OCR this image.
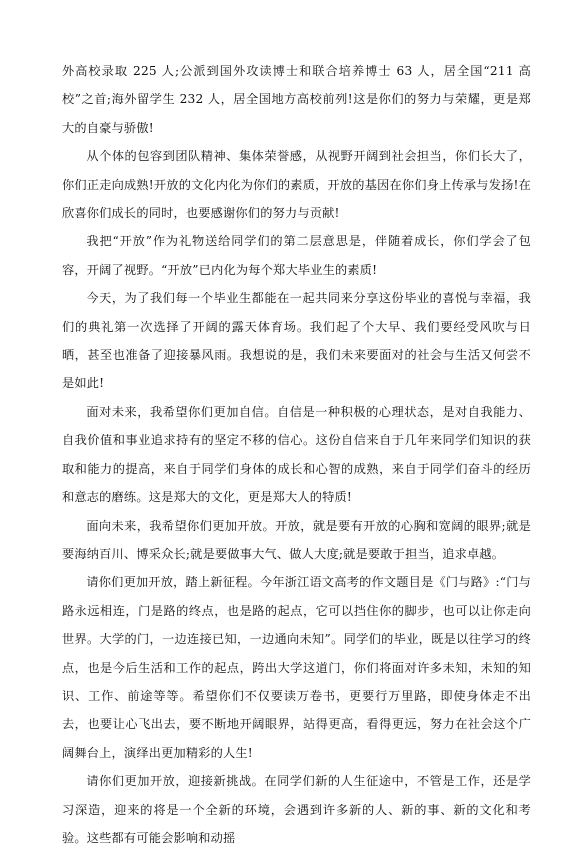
外高校录取 225 人;公派到国外攻读博士和联合培养博士 63 人，居全国“211 高校”之首;海外留学生 232 人，居全国地方高校前列!这是你们的努力与荣耀，更是郑大的自豪与骄傲!

从个体的包容到团队精神、集体荣誉感，从视野开阔到社会担当，你们长大了，你们正走向成熟!开放的文化内化为你们的素质，开放的基因在你们身上传承与发扬!在欣喜你们成长的同时，也要感谢你们的努力与贡献!

我把“开放”作为礼物送给同学们的第二层意思是，伴随着成长，你们学会了包容，开阔了视野。“开放”已内化为每个郑大毕业生的素质!

今天，为了我们每一个毕业生都能在一起共同来分享这份毕业的喜悦与幸福，我们的典礼第一次选择了开阔的露天体育场。我们起了个大早、我们要经受风吹与日晒，甚至也准备了迎接暴风雨。我想说的是，我们未来要面对的社会与生活又何尝不是如此!

面对未来，我希望你们更加自信。自信是一种积极的心理状态，是对自我能力、自我价值和事业追求持有的坚定不移的信心。这份自信来自于几年来同学们知识的获取和能力的提高，来自于同学们身体的成长和心智的成熟，来自于同学们奋斗的经历和意志的磨练。这是郑大的文化，更是郑大人的特质!

面向未来，我希望你们更加开放。开放，就是要有开放的心胸和宽阔的眼界;就是要海纳百川、博采众长;就是要做事大气、做人大度;就是要敢于担当，追求卓越。

请你们更加开放，踏上新征程。今年浙江语文高考的作文题目是《门与路》:“门与路永远相连，门是路的终点，也是路的起点，它可以挡住你的脚步，也可以让你走向世界。大学的门，一边连接已知，一边通向未知”。同学们的毕业，既是以往学习的终点，也是今后生活和工作的起点，跨出大学这道门，你们将面对许多未知，未知的知识、工作、前途等等。希望你们不仅要读万卷书，更要行万里路，即使身体走不出去，也要让心飞出去，要不断地开阔眼界，站得更高，看得更远，努力在社会这个广阔舞台上，演绎出更加精彩的人生!

请你们更加开放，迎接新挑战。在同学们新的人生征途中，不管是工作，还是学习深造，迎来的将是一个全新的环境，会遇到许多新的人、新的事、新的文化和考验。这些都有可能会影响和动摇
